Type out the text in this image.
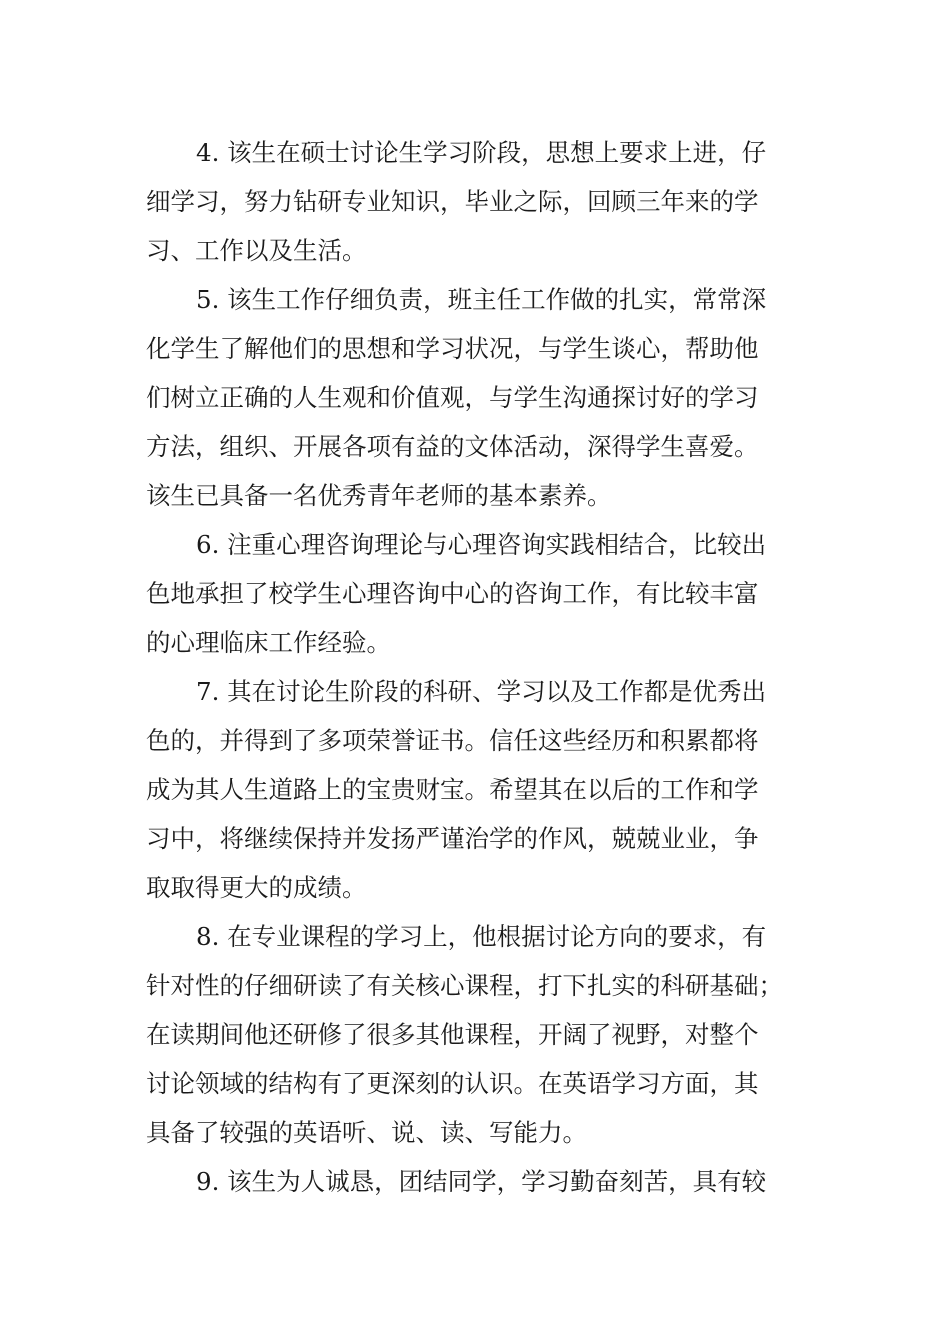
4. 该生在硕士讨论生学习阶段，思想上要求上进，仔
细学习，努力钻研专业知识，毕业之际，回顾三年来的学
习、工作以及生活。
5. 该生工作仔细负责，班主任工作做的扎实，常常深
化学生了解他们的思想和学习状况，与学生谈心，帮助他
们树立正确的人生观和价值观，与学生沟通探讨好的学习
方法，组织、开展各项有益的文体活动，深得学生喜爱。
该生已具备一名优秀青年老师的基本素养。
6. 注重心理咨询理论与心理咨询实践相结合，比较出
色地承担了校学生心理咨询中心的咨询工作，有比较丰富
的心理临床工作经验。
7. 其在讨论生阶段的科研、学习以及工作都是优秀出
色的，并得到了多项荣誉证书。信任这些经历和积累都将
成为其人生道路上的宝贵财宝。希望其在以后的工作和学
习中，将继续保持并发扬严谨治学的作风，兢兢业业，争
取取得更大的成绩。
8. 在专业课程的学习上，他根据讨论方向的要求，有
针对性的仔细研读了有关核心课程，打下扎实的科研基础；
在读期间他还研修了很多其他课程，开阔了视野，对整个
讨论领域的结构有了更深刻的认识。在英语学习方面，其
具备了较强的英语听、说、读、写能力。
9. 该生为人诚恳，团结同学，学习勤奋刻苦，具有较
